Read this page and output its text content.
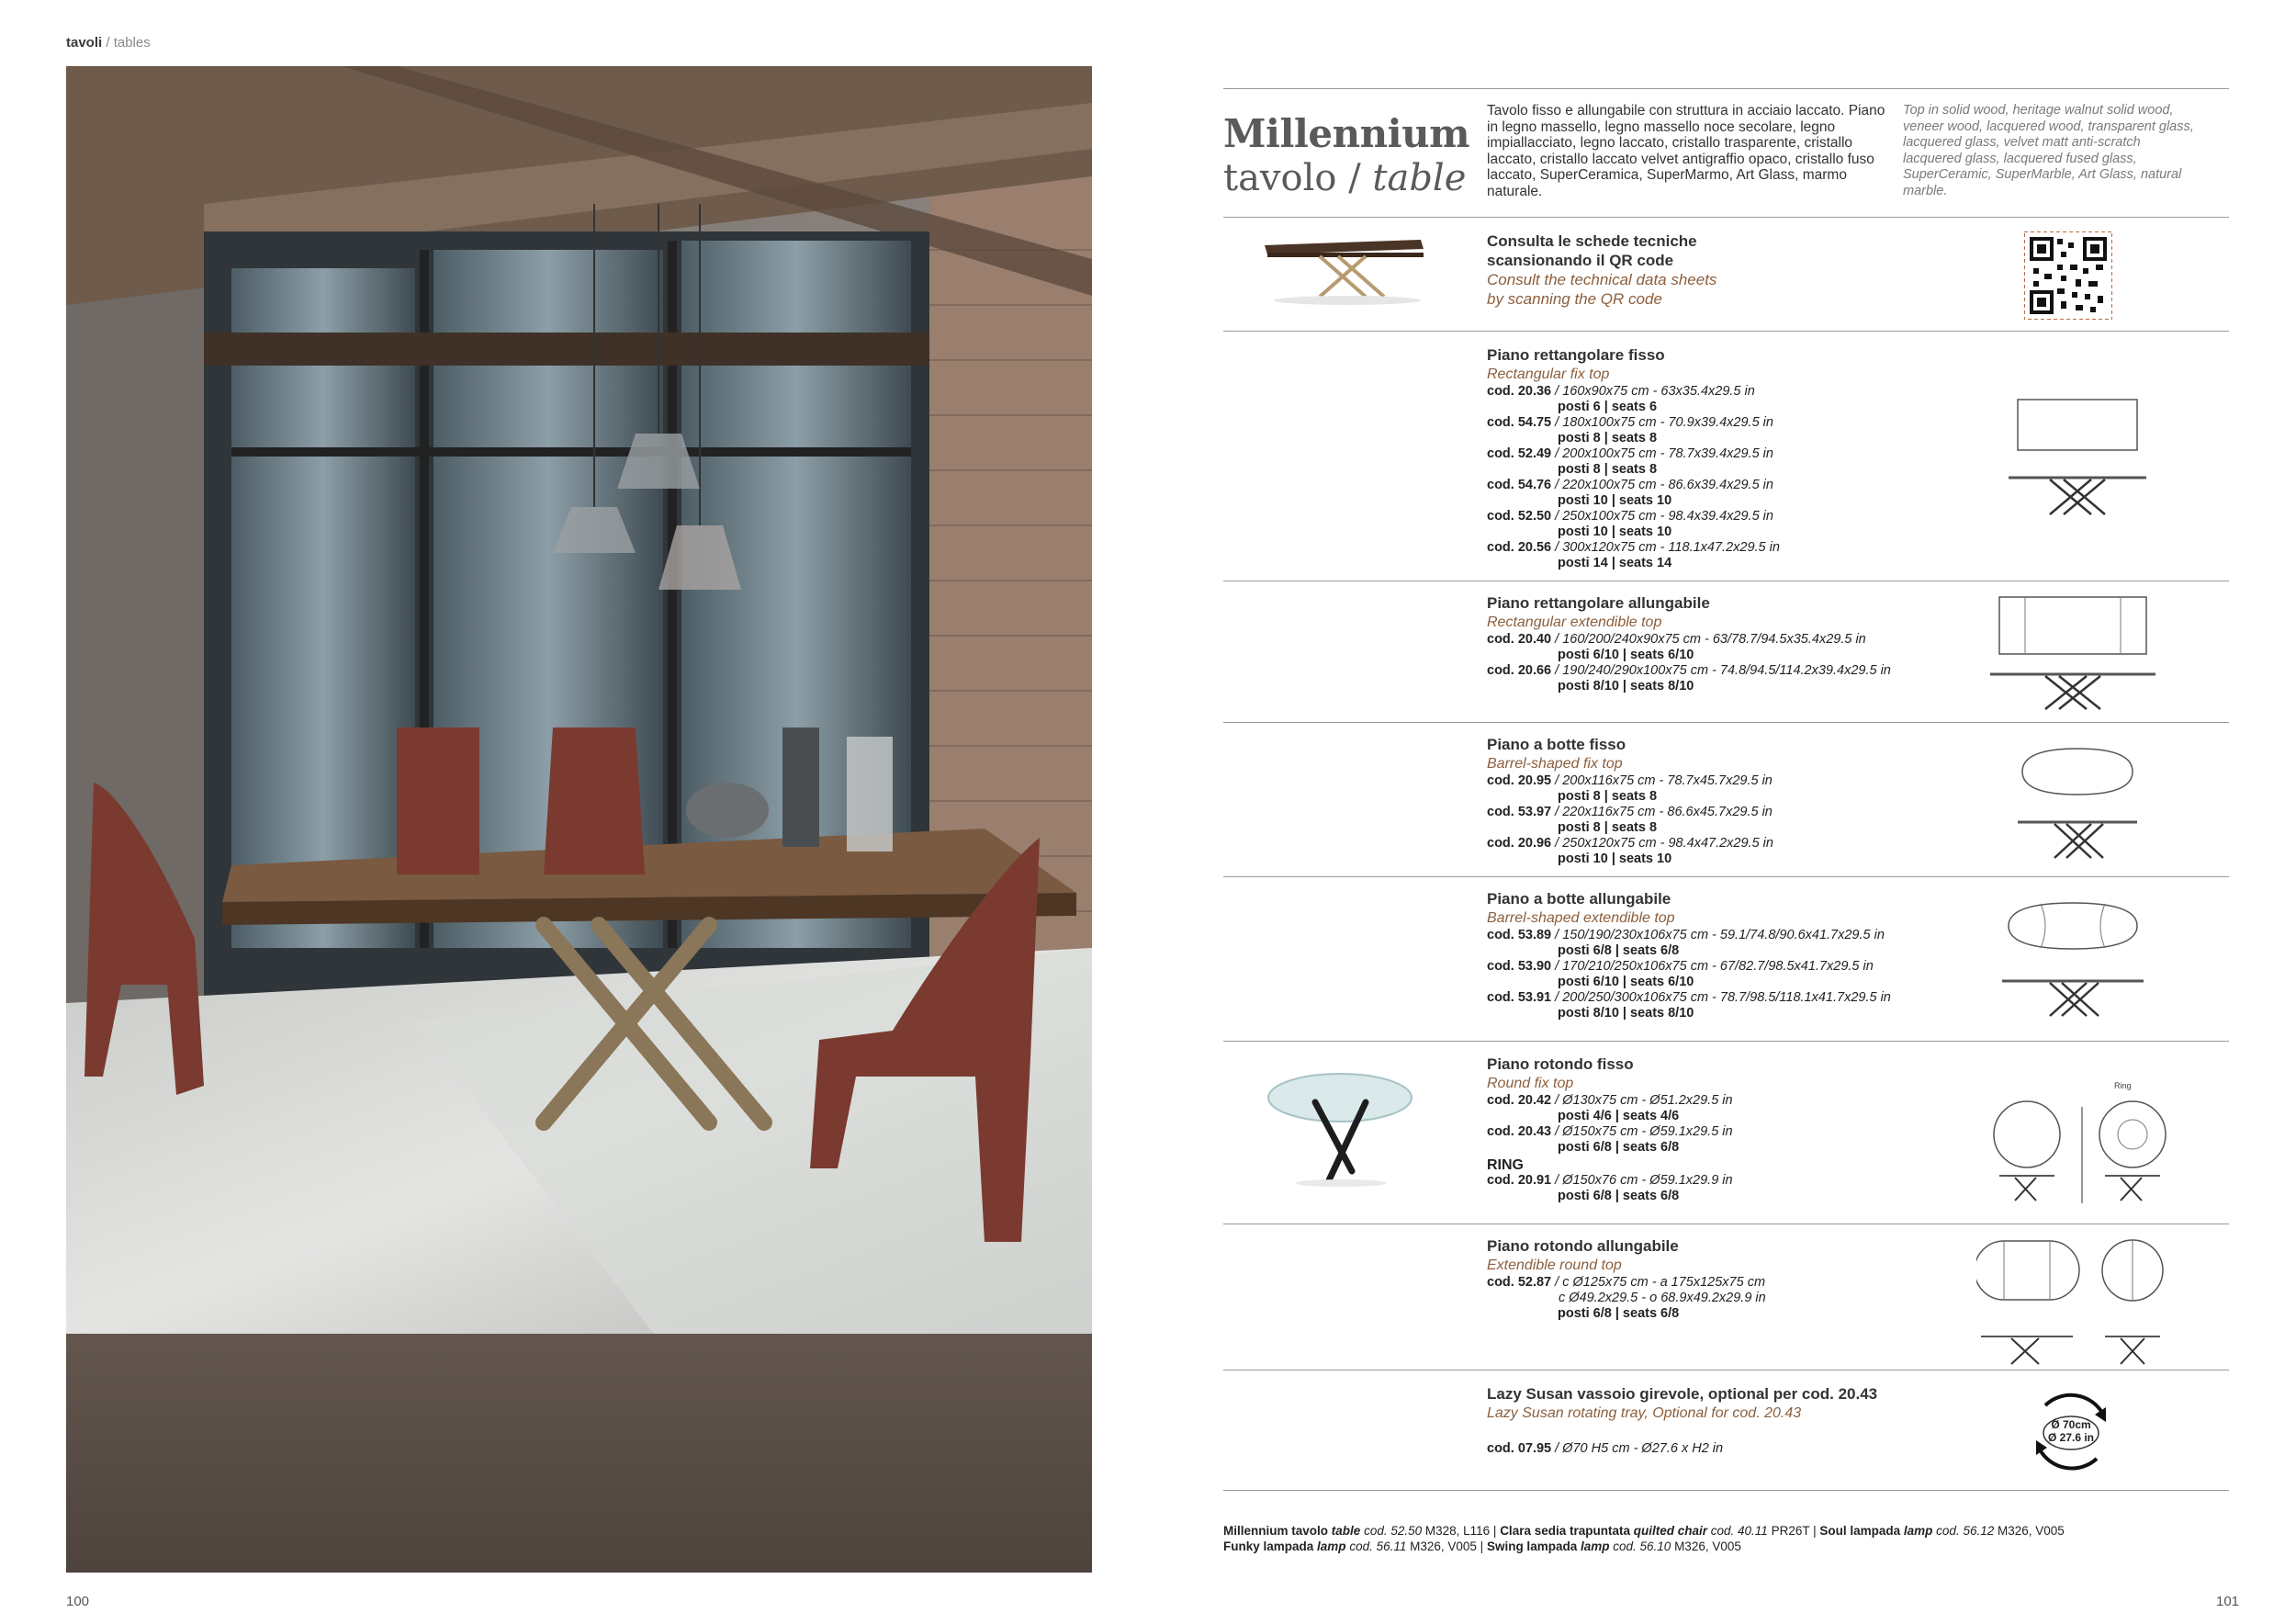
tavoli / tables
100
Millennium
tavolo / table
Tavolo fisso e allungabile con struttura in acciaio laccato. Piano in legno massello, legno massello noce secolare, legno impiallacciato, legno laccato, cristallo trasparente, cristallo laccato, cristallo laccato velvet antigraffio opaco, cristallo fuso laccato, SuperCeramica, SuperMarmo, Art Glass, marmo naturale.
Top in solid wood, heritage walnut solid wood, veneer wood, lacquered wood, transparent glass, lacquered glass, velvet matt anti-scratch lacquered glass, lacquered fused glass, SuperCeramic, SuperMarble, Art Glass, natural marble.
Consulta le schede tecniche
scansionando il QR code
Consult the technical data sheets
by scanning the QR code
Piano rettangolare fisso
Rectangular fix top
cod. 20.36 / 160x90x75 cm - 63x35.4x29.5 in
posti 6 | seats 6
cod. 54.75 / 180x100x75 cm - 70.9x39.4x29.5 in
posti 8 | seats 8
cod. 52.49 / 200x100x75 cm - 78.7x39.4x29.5 in
posti 8 | seats 8
cod. 54.76 / 220x100x75 cm - 86.6x39.4x29.5 in
posti 10 | seats 10
cod. 52.50 / 250x100x75 cm - 98.4x39.4x29.5 in
posti 10 | seats 10
cod. 20.56 / 300x120x75 cm - 118.1x47.2x29.5 in
posti 14 | seats 14
Piano rettangolare allungabile
Rectangular extendible top
cod. 20.40 / 160/200/240x90x75 cm - 63/78.7/94.5x35.4x29.5 in
posti 6/10 | seats 6/10
cod. 20.66 / 190/240/290x100x75 cm - 74.8/94.5/114.2x39.4x29.5 in
posti 8/10 | seats 8/10
Piano a botte fisso
Barrel-shaped fix top
cod. 20.95 / 200x116x75 cm - 78.7x45.7x29.5 in
posti 8 | seats 8
cod. 53.97 / 220x116x75 cm - 86.6x45.7x29.5 in
posti 8 | seats 8
cod. 20.96 / 250x120x75 cm - 98.4x47.2x29.5 in
posti 10 | seats 10
Piano a botte allungabile
Barrel-shaped extendible top
cod. 53.89 / 150/190/230x106x75 cm - 59.1/74.8/90.6x41.7x29.5 in
posti 6/8 | seats 6/8
cod. 53.90 / 170/210/250x106x75 cm - 67/82.7/98.5x41.7x29.5 in
posti 6/10 | seats 6/10
cod. 53.91 / 200/250/300x106x75 cm - 78.7/98.5/118.1x41.7x29.5 in
posti 8/10 | seats 8/10
Piano rotondo fisso
Round fix top
cod. 20.42 / Ø130x75 cm - Ø51.2x29.5 in
posti 4/6 | seats 4/6
cod. 20.43 / Ø150x75 cm - Ø59.1x29.5 in
posti 6/8 | seats 6/8
RING
cod. 20.91 / Ø150x76 cm - Ø59.1x29.9 in
posti 6/8 | seats 6/8
Ring
Piano rotondo allungabile
Extendible round top
cod. 52.87 / c Ø125x75 cm - a 175x125x75 cm
c Ø49.2x29.5 - o 68.9x49.2x29.9 in
posti 6/8 | seats 6/8
Lazy Susan vassoio girevole, optional per cod. 20.43
Lazy Susan rotating tray, Optional for cod. 20.43
cod. 07.95 / Ø70 H5 cm - Ø27.6 x H2 in
Ø 70cm
Ø 27.6 in
Millennium tavolo table cod. 52.50 M328, L116 | Clara sedia trapuntata quilted chair cod. 40.11 PR26T | Soul lampada lamp cod. 56.12 M326, V005
Funky lampada lamp cod. 56.11 M326, V005 | Swing lampada lamp cod. 56.10 M326, V005
101
